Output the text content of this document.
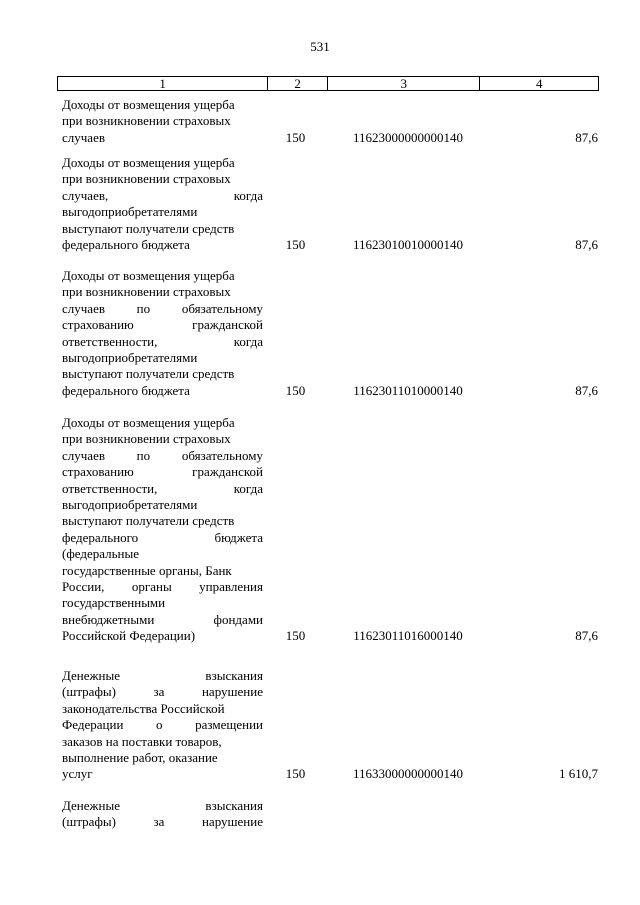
531
1	2	3	4
Доходы от возмещения ущерба
при возникновении страховых
случаев	150	11623000000000140	87,6
Доходы от возмещения ущерба
при возникновении страховых
случаев, когда
выгодоприобретателями
выступают получатели средств
федерального бюджета	150	11623010010000140	87,6
Доходы от возмещения ущерба
при возникновении страховых
случаев по обязательному
страхованию гражданской
ответственности, когда
выгодоприобретателями
выступают получатели средств
федерального бюджета	150	11623011010000140	87,6
Доходы от возмещения ущерба
при возникновении страховых
случаев по обязательному
страхованию гражданской
ответственности, когда
выгодоприобретателями
выступают получатели средств
федерального бюджета
(федеральные
государственные органы, Банк
России, органы управления
государственными
внебюджетными фондами
Российской Федерации)	150	11623011016000140	87,6
Денежные взыскания
(штрафы) за нарушение
законодательства Российской
Федерации о размещении
заказов на поставки товаров,
выполнение работ, оказание
услуг	150	11633000000000140	1 610,7
Денежные взыскания
(штрафы) за нарушение
